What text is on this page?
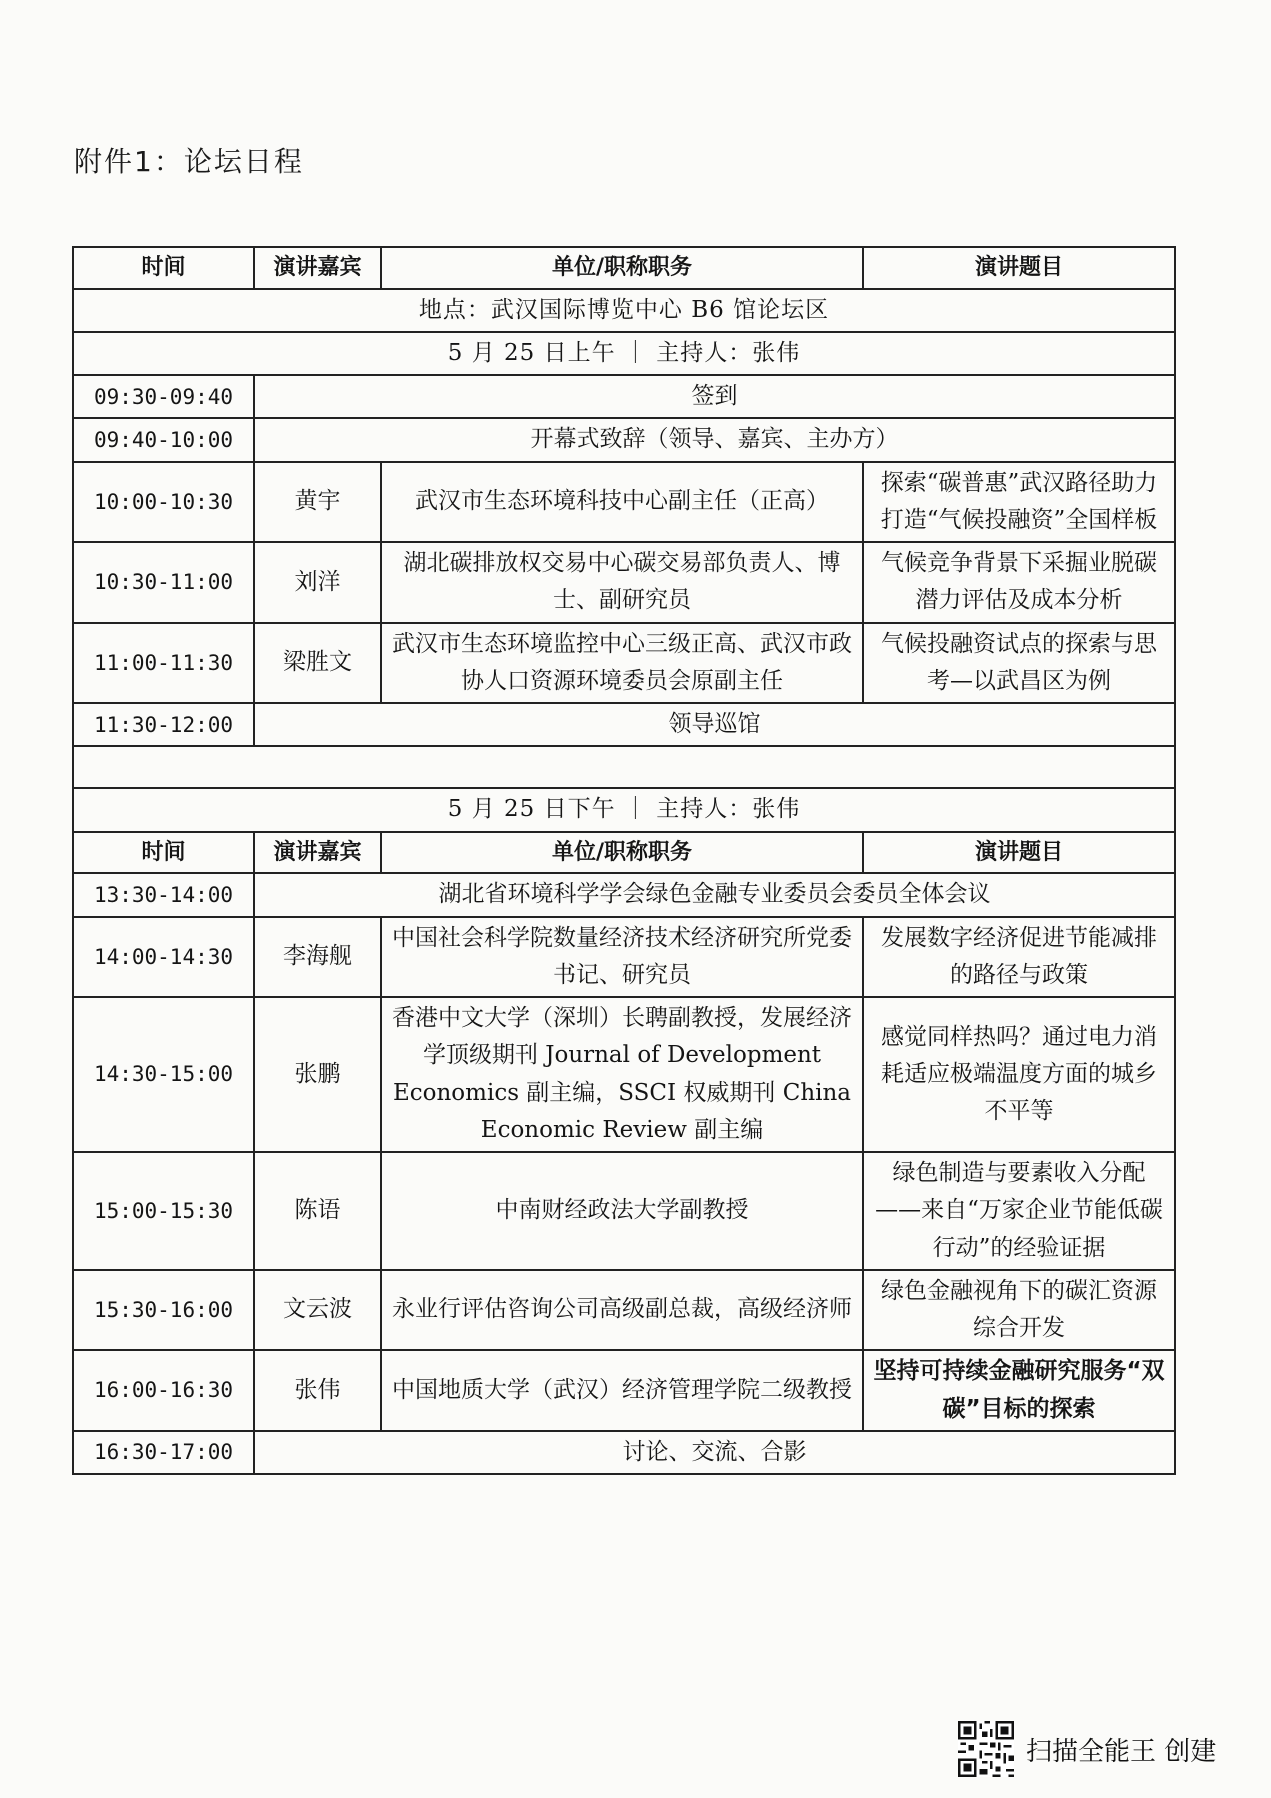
附件1：论坛日程
时间	演讲嘉宾	单位/职称职务	演讲题目
地点：武汉国际博览中心 B6 馆论坛区			
5 月 25 日上午 ｜ 主持人：张伟			
09:30-09:40	签到		
09:40-10:00	开幕式致辞（领导、嘉宾、主办方）		
10:00-10:30	黄宇	武汉市生态环境科技中心副主任（正高）	探索“碳普惠”武汉路径助力打造“气候投融资”全国样板
10:30-11:00	刘洋	湖北碳排放权交易中心碳交易部负责人、博士、副研究员	气候竞争背景下采掘业脱碳潜力评估及成本分析
11:00-11:30	梁胜文	武汉市生态环境监控中心三级正高、武汉市政协人口资源环境委员会原副主任	气候投融资试点的探索与思考—以武昌区为例
11:30-12:00	领导巡馆		

5 月 25 日下午 ｜ 主持人：张伟			
时间	演讲嘉宾	单位/职称职务	演讲题目
13:30-14:00	湖北省环境科学学会绿色金融专业委员会委员全体会议		
14:00-14:30	李海舰	中国社会科学院数量经济技术经济研究所党委书记、研究员	发展数字经济促进节能减排的路径与政策
14:30-15:00	张鹏	香港中文大学（深圳）长聘副教授，发展经济学顶级期刊 Journal of Development Economics 副主编，SSCI 权威期刊 China Economic Review 副主编	感觉同样热吗？通过电力消耗适应极端温度方面的城乡不平等
15:00-15:30	陈语	中南财经政法大学副教授	绿色制造与要素收入分配——来自“万家企业节能低碳行动”的经验证据
15:30-16:00	文云波	永业行评估咨询公司高级副总裁，高级经济师	绿色金融视角下的碳汇资源综合开发
16:00-16:30	张伟	中国地质大学（武汉）经济管理学院二级教授	坚持可持续金融研究服务“双碳”目标的探索
16:30-17:00	讨论、交流、合影		
扫描全能王 创建
